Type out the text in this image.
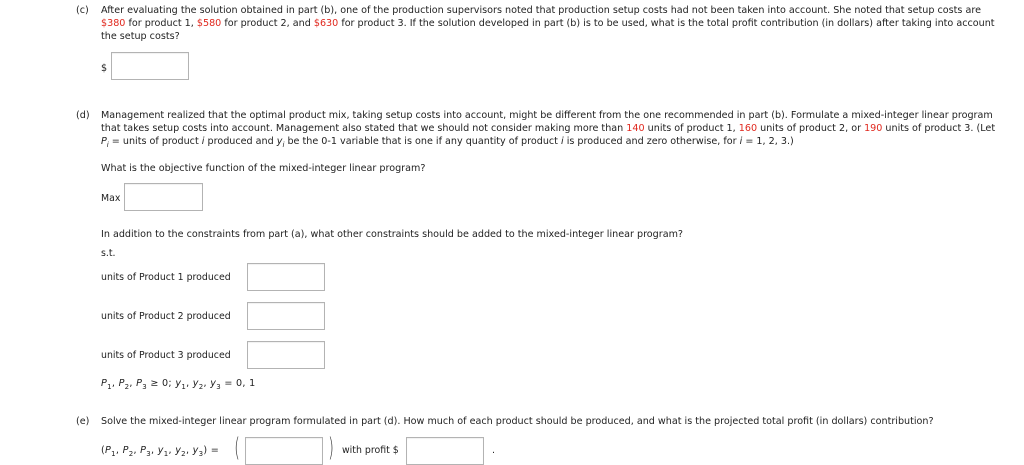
(c) After evaluating the solution obtained in part (b), one of the production supervisors noted that production setup costs had not been taken into account. She noted that setup costs are $380 for product 1, $580 for product 2, and $630 for product 3. If the solution developed in part (b) is to be used, what is the total profit contribution (in dollars) after taking into account the setup costs?
$
(d) Management realized that the optimal product mix, taking setup costs into account, might be different from the one recommended in part (b). Formulate a mixed-integer linear program that takes setup costs into account. Management also stated that we should not consider making more than 140 units of product 1, 160 units of product 2, or 190 units of product 3. (Let $P_i$ = units of product i produced and $y_i$ be the 0-1 variable that is one if any quantity of product i is produced and zero otherwise, for i = 1, 2, 3.)
What is the objective function of the mixed-integer linear program?
Max
In addition to the constraints from part (a), what other constraints should be added to the mixed-integer linear program?
s.t.
units of Product 1 produced
units of Product 2 produced
units of Product 3 produced
$P_1$, $P_2$, $P_3 \ge 0$; $y_1$, $y_2$, $y_3 = 0$, 1
(e) Solve the mixed-integer linear program formulated in part (d). How much of each product should be produced, and what is the projected total profit (in dollars) contribution?
($P_1$, $P_2$, $P_3$, $y_1$, $y_2$, $y_3$) = (	) with profit $	.
